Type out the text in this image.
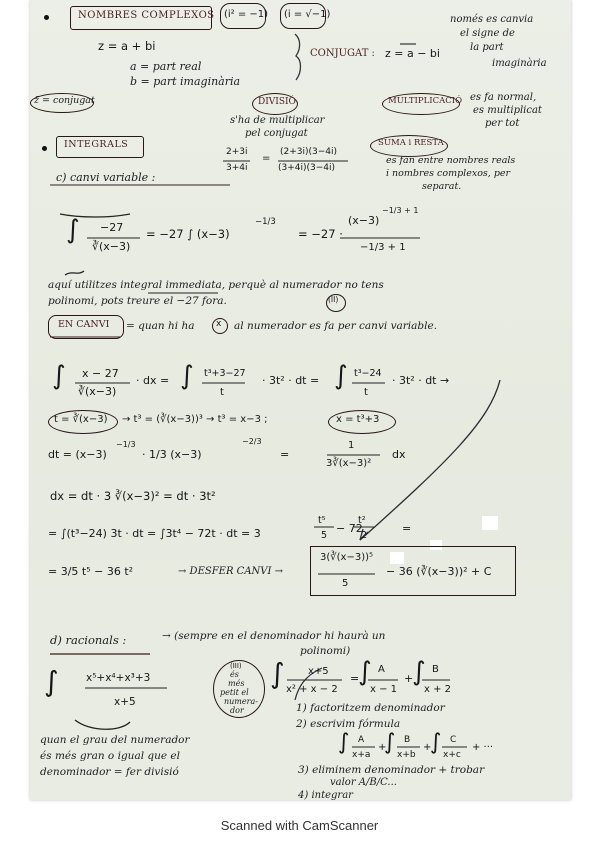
NOMBRES COMPLEXOS (i² = −1) (i = √−1)	només es canvia
el signe de
la part
imaginària
z = a + bi
a = part real
b = part imaginària
CONJUGAT : z = a − bi
z̄ = conjugat	DIVISIÓ
s'ha de multiplicar
pel conjugat
2+3i
3+4i
=
(2+3i)(3−4i)
(3+4i)(3−4i)
MULTIPLICACIÓ es fa normal,
es multiplicat
per tot
SUMA i RESTA
es fan entre nombres reals
i nombres complexos, per
separat.
INTEGRALS
c) canvi variable :
∫ −27
∛(x−3)
= −27 ∫ (x−3)
−1/3
= −27 ·
(x−3)
−1/3 + 1
−1/3 + 1
aquí utilitzes integral immediata, perquè al numerador no tens
polinomi, pots treure el −27 fora.	(II)
EN CANVI = quan hi ha x al numerador es fa per canvi variable.
∫ x − 27
∛(x−3)
· dx = ∫ t³+3−27
t
· 3t² · dt = ∫ t³−24
t
· 3t² · dt →
t = ∛(x−3) → t³ = (∛(x−3))³ → t³ = x−3 ;	x = t³+3
dt = (x−3)
−1/3
· 1/3 (x−3)
−2/3
=
1
3∛(x−3)²
dx
dx = dt · 3 ∛(x−3)² = dt · 3t²
= ∫(t³−24) 3t · dt = ∫3t⁴ − 72t · dt = 3
t⁵
5
− 72
t²
2
=
= 3/5 t⁵ − 36 t²	→ DESFER CANVI →
3(∛(x−3))⁵
5
− 36 (∛(x−3))² + C
d) racionals :	→ (sempre en el denominador hi haurà un
polinomi)
∫	x⁵+x⁴+x³+3
x+5
(III)
és
més
petit el
numera-
dor
∫ x+5
x² + x − 2
=
∫ A
x − 1
+
∫ B
x + 2
1) factoritzem denominador
2) escrivim fórmula
∫ A
x+a
+
∫ B
x+b
+
∫ C
x+c
+ ···
3) eliminem denominador + trobar
valor A/B/C...
4) integrar
quan el grau del numerador
és més gran o igual que el
denominador = fer divisió
Scanned with CamScanner
